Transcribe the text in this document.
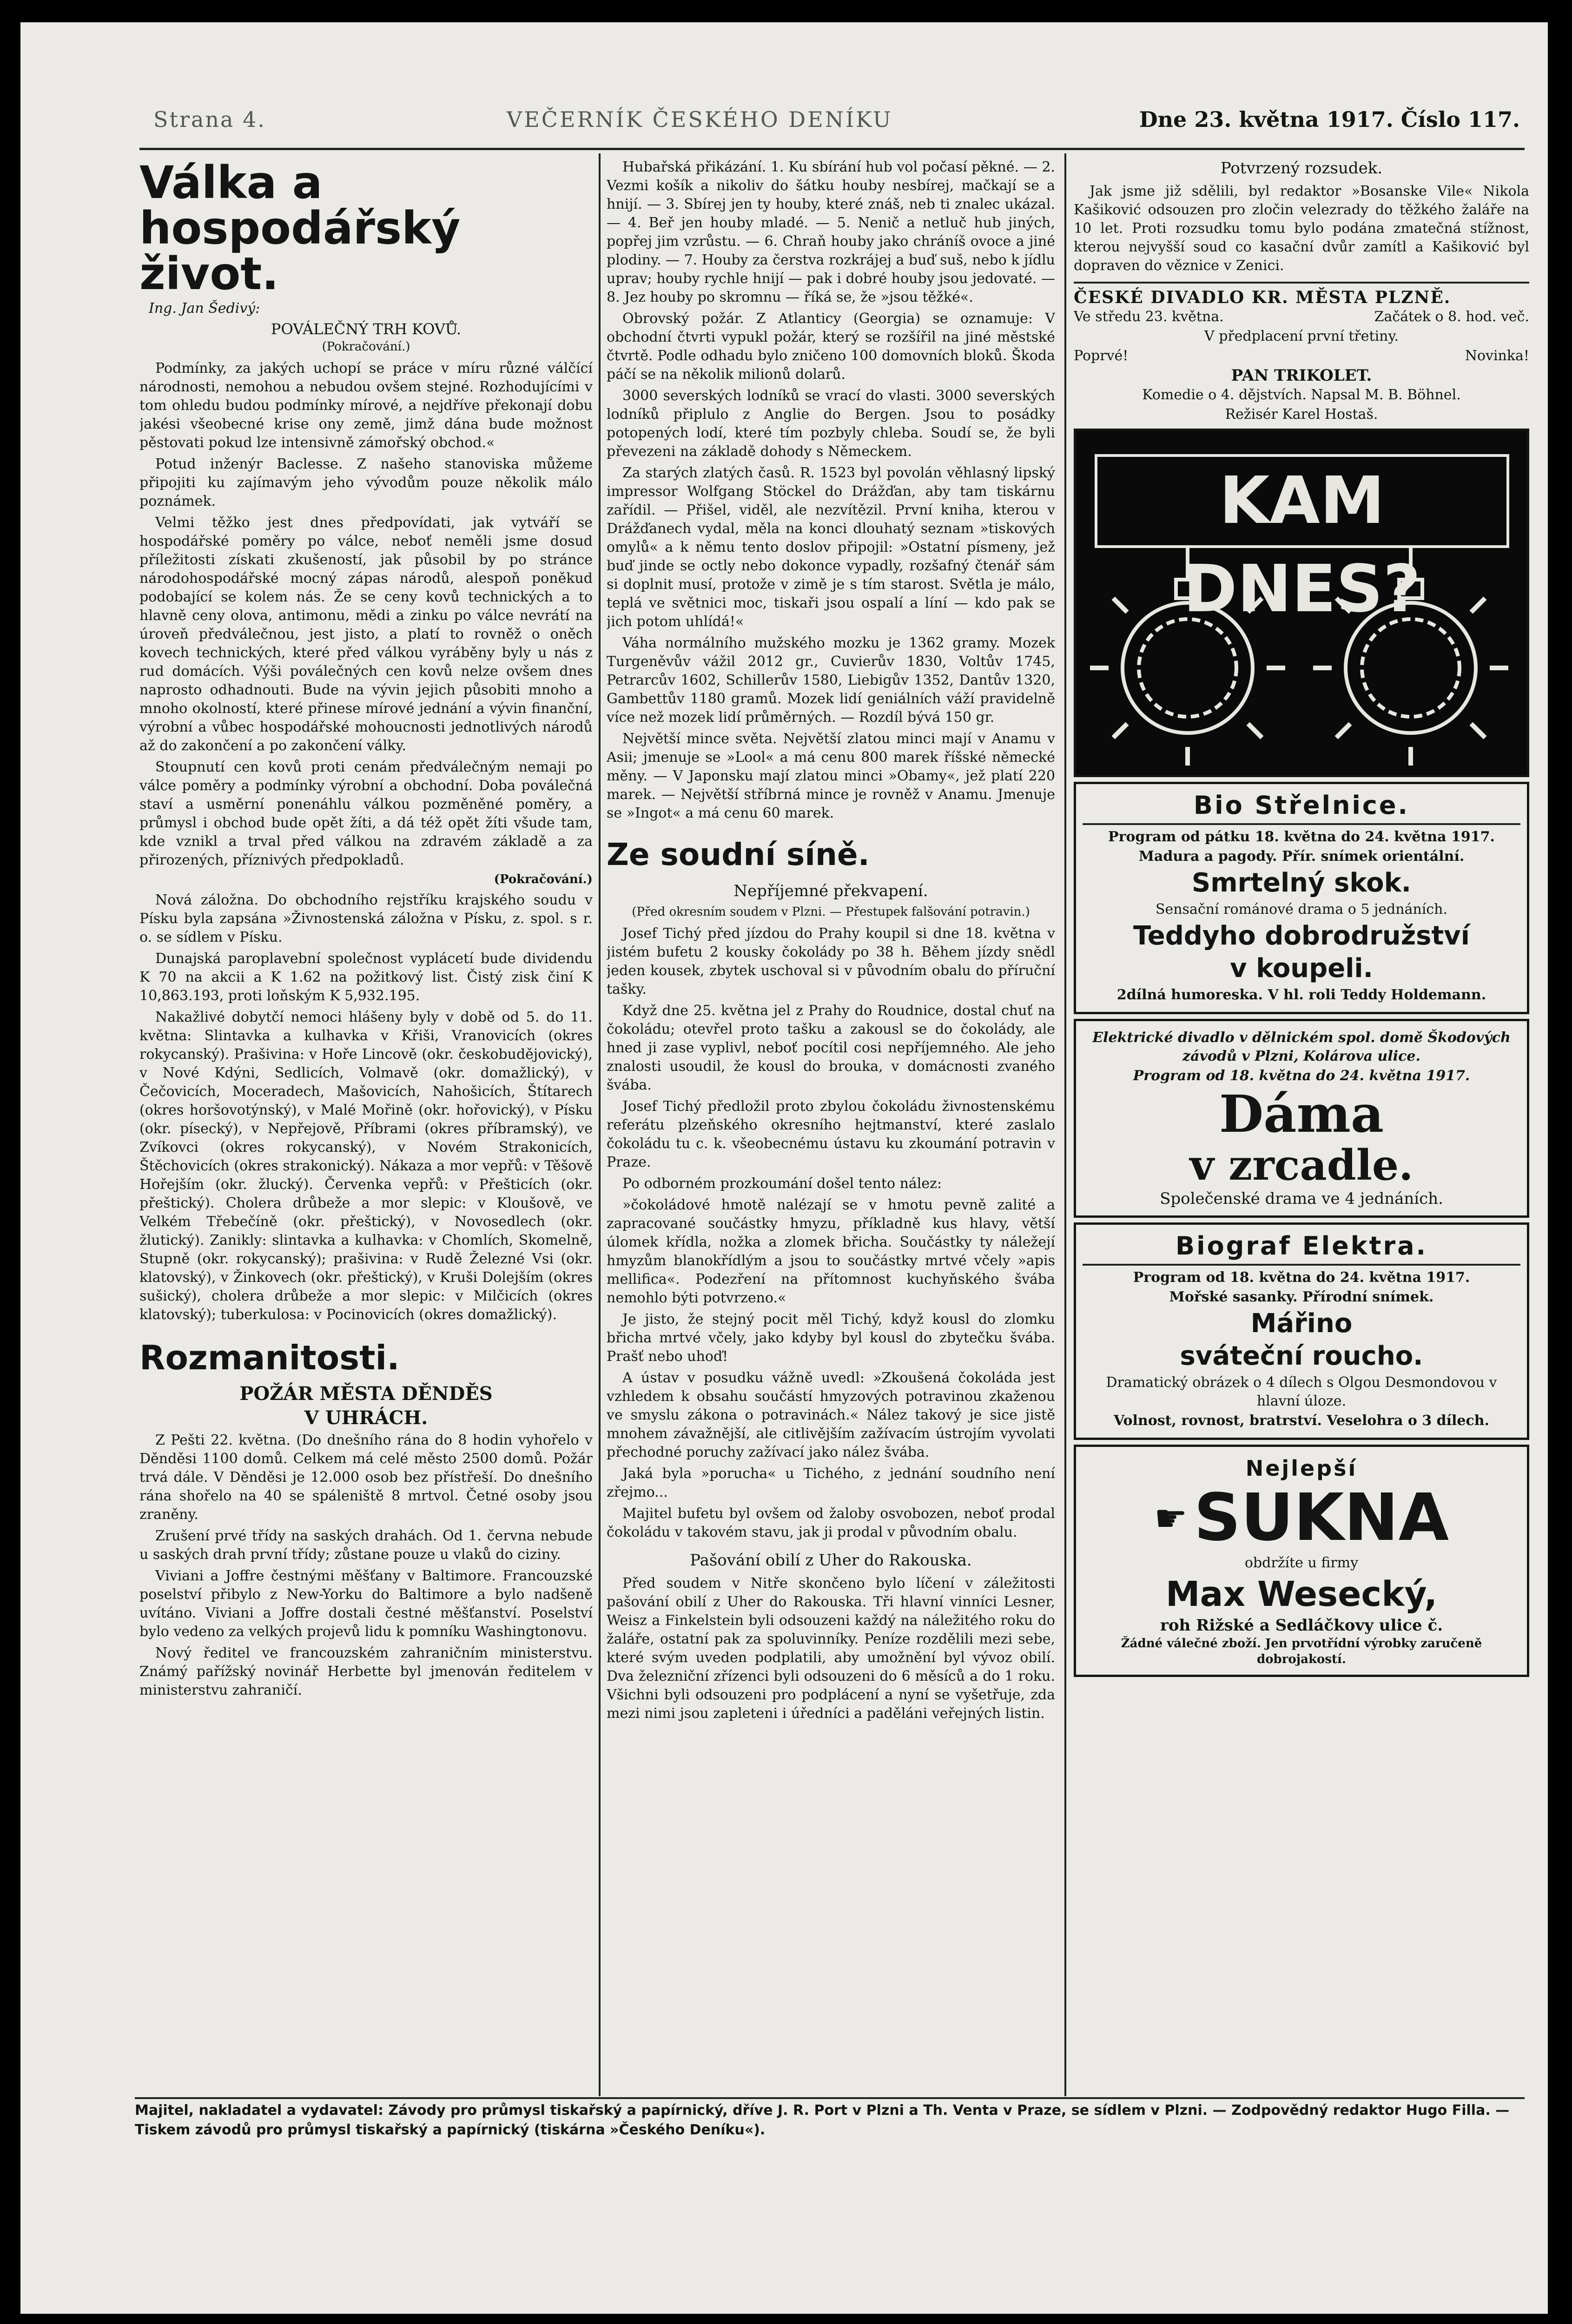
Strana 4.	VEČERNÍK ČESKÉHO DENÍKU	Dne 23. května 1917. Číslo 117.
Válka a hospodářský život.
Ing. Jan Šedivý:
POVÁLEČNÝ TRH KOVŮ.
(Pokračování.)

Podmínky, za jakých uchopí se práce v míru různé válčící národnosti, nemohou a nebudou ovšem stejné. Rozhodujícími v tom ohledu budou podmínky mírové, a nejdříve překonají dobu jakési všeobecné krise ony země, jimž dána bude možnost pěstovati pokud lze intensivně zámořský obchod.«

Potud inženýr Baclesse. Z našeho stanoviska můžeme připojiti ku zajímavým jeho vývodům pouze několik málo poznámek.

Velmi těžko jest dnes předpovídati, jak vytváří se hospodářské poměry po válce, neboť neměli jsme dosud příležitosti získati zkušeností, jak působil by po stránce národohospodářské mocný zápas národů, alespoň poněkud podobající se kolem nás. Že se ceny kovů technických a to hlavně ceny olova, antimonu, mědi a zinku po válce nevrátí na úroveň předválečnou, jest jisto, a platí to rovněž o oněch kovech technických, které před válkou vyráběny byly u nás z rud domácích. Výši poválečných cen kovů nelze ovšem dnes naprosto odhadnouti. Bude na vývin jejich působiti mnoho a mnoho okolností, které přinese mírové jednání a vývin finanční, výrobní a vůbec hospodářské mohoucnosti jednotlivých národů až do zakončení a po zakončení války.

Stoupnutí cen kovů proti cenám předválečným nemaji po válce poměry a podmínky výrobní a obchodní. Doba poválečná staví a usměrní ponenáhlu válkou pozměněné poměry, a průmysl i obchod bude opět žíti, a dá též opět žíti všude tam, kde vznikl a trval před válkou na zdravém základě a za přirozených, příznivých předpokladů.

(Pokračování.)

Nová záložna. Do obchodního rejstříku krajského soudu v Písku byla zapsána »Živnostenská záložna v Písku, z. spol. s r. o. se sídlem v Písku.

Dunajská paroplavební společnost vyplácetí bude dividendu K 70 na akcii a K 1.62 na požitkový list. Čistý zisk činí K 10,863.193, proti loňským K 5,932.195.

Nakažlivé dobytčí nemoci hlášeny byly v době od 5. do 11. května: Slintavka a kulhavka v Křiši, Vranovicích (okres rokycanský). Prašivina: v Hoře Lincově (okr. českobudějovický), v Nové Kdýni, Sedlicích, Volmavě (okr. domažlický), v Čečovicích, Moceradech, Mašovicích, Nahošicích, Štítarech (okres horšovotýnský), v Malé Mořině (okr. hořovický), v Písku (okr. písecký), v Nepřejově, Příbrami (okres příbramský), ve Zvíkovci (okres rokycanský), v Novém Strakonicích, Štěchovicích (okres strakonický). Nákaza a mor vepřů: v Těšově Hořejším (okr. žlucký). Červenka vepřů: v Přešticích (okr. přeštický). Cholera drůbeže a mor slepic: v Kloušově, ve Velkém Třebečíně (okr. přeštický), v Novosedlech (okr. žlutický). Zanikly: slintavka a kulhavka: v Chomlích, Skomelně, Stupně (okr. rokycanský); prašivina: v Rudě Železné Vsi (okr. klatovský), v Žinkovech (okr. přeštický), v Kruši Dolejším (okres sušický), cholera drůbeže a mor slepic: v Milčicích (okres klatovský); tuberkulosa: v Pocinovicích (okres domažlický).

Rozmanitosti.
POŽÁR MĚSTA DĚNDĚS
V UHRÁCH.

Z Pešti 22. května. (Do dnešního rána do 8 hodin vyhořelo v Děnděsi 1100 domů. Celkem má celé město 2500 domů. Požár trvá dále. V Děnděsi je 12.000 osob bez přístřeší. Do dnešního rána shořelo na 40 se spáleniště 8 mrtvol. Četné osoby jsou zraněny.

Zrušení prvé třídy na saských drahách. Od 1. června nebude u saských drah první třídy; zůstane pouze u vlaků do ciziny.

Viviani a Joffre čestnými měšťany v Baltimore. Francouzské poselství přibylo z New-Yorku do Baltimore a bylo nadšeně uvítáno. Viviani a Joffre dostali čestné měšťanství. Poselství bylo vedeno za velkých projevů lidu k pomníku Washingtonovu.

Nový ředitel ve francouzském zahraničním ministerstvu. Známý pařížský novinář Herbette byl jmenován ředitelem v ministerstvu zahraničí.

Hubařská přikázání. 1. Ku sbírání hub vol počasí pěkné. — 2. Vezmi košík a nikoliv do šátku houby nesbírej, mačkají se a hnijí. — 3. Sbírej jen ty houby, které znáš, neb ti znalec ukázal. — 4. Beř jen houby mladé. — 5. Nenič a netluč hub jiných, popřej jim vzrůstu. — 6. Chraň houby jako chráníš ovoce a jiné plodiny. — 7. Houby za čerstva rozkrájej a buď suš, nebo k jídlu uprav; houby rychle hnijí — pak i dobré houby jsou jedovaté. — 8. Jez houby po skromnu — říká se, že »jsou těžké«.

Obrovský požár. Z Atlanticy (Georgia) se oznamuje: V obchodní čtvrti vypukl požár, který se rozšířil na jiné městské čtvrtě. Podle odhadu bylo zničeno 100 domovních bloků. Škoda páčí se na několik milionů dolarů.

3000 severských lodníků se vrací do vlasti. 3000 severských lodníků připlulo z Anglie do Bergen. Jsou to posádky potopených lodí, které tím pozbyly chleba. Soudí se, že byli převezeni na základě dohody s Německem.

Za starých zlatých časů. R. 1523 byl povolán věhlasný lipský impressor Wolfgang Stöckel do Drážďan, aby tam tiskárnu zařídil. — Přišel, viděl, ale nezvítězil. První kniha, kterou v Drážďanech vydal, měla na konci dlouhatý seznam »tiskových omylů« a k němu tento doslov připojil: »Ostatní písmeny, jež buď jinde se octly nebo dokonce vypadly, rozšafný čtenář sám si doplnit musí, protože v zimě je s tím starost. Světla je málo, teplá ve světnici moc, tiskaři jsou ospalí a líní — kdo pak se jich potom uhlídá!«

Váha normálního mužského mozku je 1362 gramy. Mozek Turgeněvův vážil 2012 gr., Cuvierův 1830, Voltův 1745, Petrarcův 1602, Schillerův 1580, Liebigův 1352, Dantův 1320, Gambettův 1180 gramů. Mozek lidí geniálních váží pravidelně více než mozek lidí průměrných. — Rozdíl bývá 150 gr.

Největší mince světa. Největší zlatou minci mají v Anamu v Asii; jmenuje se »Lool« a má cenu 800 marek říšské německé měny. — V Japonsku mají zlatou minci »Obamy«, jež platí 220 marek. — Největší stříbrná mince je rovněž v Anamu. Jmenuje se »Ingot« a má cenu 60 marek.

Ze soudní síně.
Nepříjemné překvapení.
(Před okresním soudem v Plzni. — Přestupek falšování potravin.)

Josef Tichý před jízdou do Prahy koupil si dne 18. května v jistém bufetu 2 kousky čokolády po 38 h. Během jízdy snědl jeden kousek, zbytek uschoval si v původním obalu do příruční tašky.

Když dne 25. května jel z Prahy do Roudnice, dostal chuť na čokoládu; otevřel proto tašku a zakousl se do čokolády, ale hned ji zase vyplivl, neboť pocítil cosi nepříjemného. Ale jeho znalosti usoudil, že kousl do brouka, v domácnosti zvaného švába.

Josef Tichý předložil proto zbylou čokoládu živnostenskému referátu plzeňského okresního hejtmanství, které zaslalo čokoládu tu c. k. všeobecnému ústavu ku zkoumání potravin v Praze.

Po odborném prozkoumání došel tento nález:

»čokoládové hmotě nalézají se v hmotu pevně zalité a zapracované součástky hmyzu, příkladně kus hlavy, větší úlomek křídla, nožka a zlomek břicha. Součástky ty náležejí hmyzům blanokřídlým a jsou to součástky mrtvé včely »apis mellifica«. Podezření na přítomnost kuchyňského švába nemohlo býti potvrzeno.«

Je jisto, že stejný pocit měl Tichý, když kousl do zlomku břicha mrtvé včely, jako kdyby byl kousl do zbytečku švába. Prašť nebo uhoď!

A ústav v posudku vážně uvedl: »Zkoušená čokoláda jest vzhledem k obsahu součástí hmyzových potravinou zkaženou ve smyslu zákona o potravinách.« Nález takový je sice jistě mnohem závažnější, ale citlivějším zažívacím ústrojím vyvolati přechodné poruchy zažívací jako nález švába.

Jaká byla »porucha« u Tichého, z jednání soudního není zřejmo...

Majitel bufetu byl ovšem od žaloby osvobozen, neboť prodal čokoládu v takovém stavu, jak ji prodal v původním obalu.

Pašování obilí z Uher do Rakouska.

Před soudem v Nitře skončeno bylo líčení v záležitosti pašování obilí z Uher do Rakouska. Tři hlavní vinníci Lesner, Weisz a Finkelstein byli odsouzeni každý na náležitého roku do žaláře, ostatní pak za spoluvinníky. Peníze rozdělili mezi sebe, které svým uveden podplatili, aby umožnění byl vývoz obilí. Dva železniční zřízenci byli odsouzeni do 6 měsíců a do 1 roku. Všichni byli odsouzeni pro podplácení a nyní se vyšetřuje, zda mezi nimi jsou zapleteni i úředníci a paděláni veřejných listin.

Potvrzený rozsudek.

Jak jsme již sdělili, byl redaktor »Bosanske Vile« Nikola Kašiković odsouzen pro zločin velezrady do těžkého žaláře na 10 let. Proti rozsudku tomu bylo podána zmatečná stížnost, kterou nejvyšší soud co kasační dvůr zamítl a Kašiković byl dopraven do věznice v Zenici.

ČESKÉ DIVADLO KR. MĚSTA PLZNĚ.
Ve středu 23. května.	Začátek o 8. hod. več.
V předplacení první třetiny.
Poprvé!	Novinka!
PAN TRIKOLET.
Komedie o 4. dějstvích. Napsal M. B. Böhnel.
Režisér Karel Hostaš.
KAM DNES?
Bio Střelnice.
Program od pátku 18. května do 24. května 1917.
Madura a pagody. Přír. snímek orientální.
Smrtelný skok.
Sensační románové drama o 5 jednáních.
Teddyho dobrodružství
v koupeli.
2dílná humoreska. V hl. roli Teddy Holdemann.
Elektrické divadlo v dělnickém spol. domě Škodových závodů v Plzni, Kolárova ulice.
Program od 18. května do 24. května 1917.
Dáma
v zrcadle.
Společenské drama ve 4 jednáních.
Biograf Elektra.
Program od 18. května do 24. května 1917.
Mořské sasanky. Přírodní snímek.
Mářino
sváteční roucho.
Dramatický obrázek o 4 dílech s Olgou Desmondovou v hlavní úloze.
Volnost, rovnost, bratrství. Veselohra o 3 dílech.
Nejlepší
☛ SUKNA
obdržíte u firmy
Max Wesecký,
roh Rižské a Sedláčkovy ulice č.
Žádné válečné zboží. Jen prvotřídní výrobky zaručeně dobrojakostí.
Majitel, nakladatel a vydavatel: Závody pro průmysl tiskařský a papírnický, dříve J. R. Port v Plzni a Th. Venta v Praze, se sídlem v Plzni. — Zodpovědný redaktor Hugo Filla. — Tiskem závodů pro průmysl tiskařský a papírnický (tiskárna »Českého Deníku«).
